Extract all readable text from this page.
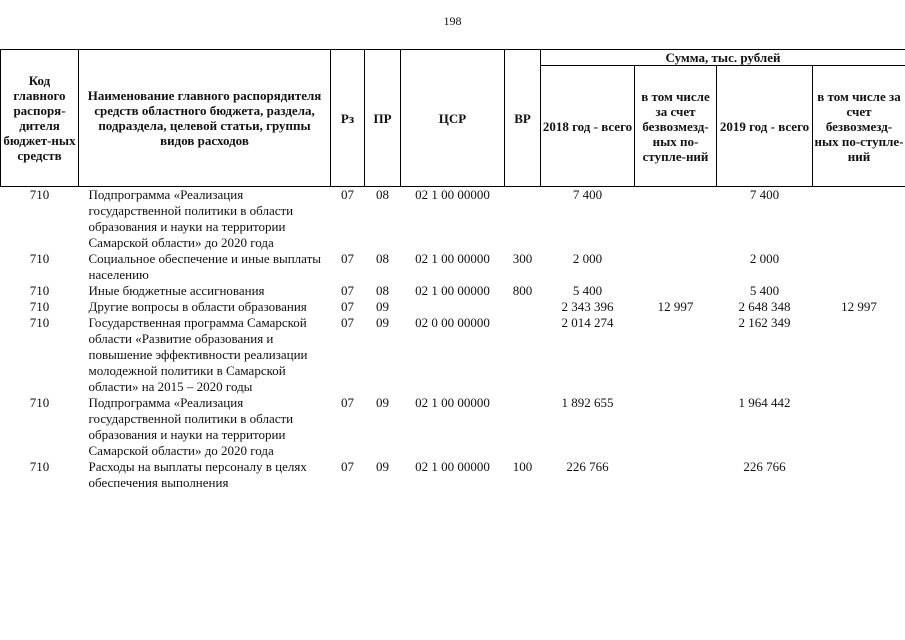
198
Код главного распоря-дителя бюджет-ных средств	Наименование главного распорядителя средств областного бюджета, раздела, подраздела, целевой статьи, группы видов расходов	Рз	ПР	ЦСР	ВР	Сумма, тыс. рублей			
						2018 год - всего	в том числе за счет безвозмезд-ных по-ступле-ний	2019 год - всего	в том числе за счет безвозмезд-ных по-ступле-ний
710	Подпрограмма «Реализация государственной политики в области образования и науки на территории Самарской области» до 2020 года	07	08	02 1 00 00000		7 400		7 400	
710	Социальное обеспечение и иные выплаты населению	07	08	02 1 00 00000	300	2 000		2 000	
710	Иные бюджетные ассигнования	07	08	02 1 00 00000	800	5 400		5 400	
710	Другие вопросы в области образования	07	09			2 343 396	12 997	2 648 348	12 997
710	Государственная программа Самарской области «Развитие образования и повышение эффективности реализации молодежной политики в Самарской области» на 2015 – 2020 годы	07	09	02 0 00 00000		2 014 274		2 162 349	
710	Подпрограмма «Реализация государственной политики в области образования и науки на территории Самарской области» до 2020 года	07	09	02 1 00 00000		1 892 655		1 964 442	
710	Расходы на выплаты персоналу в целях обеспечения выполнения	07	09	02 1 00 00000	100	226 766		226 766	
